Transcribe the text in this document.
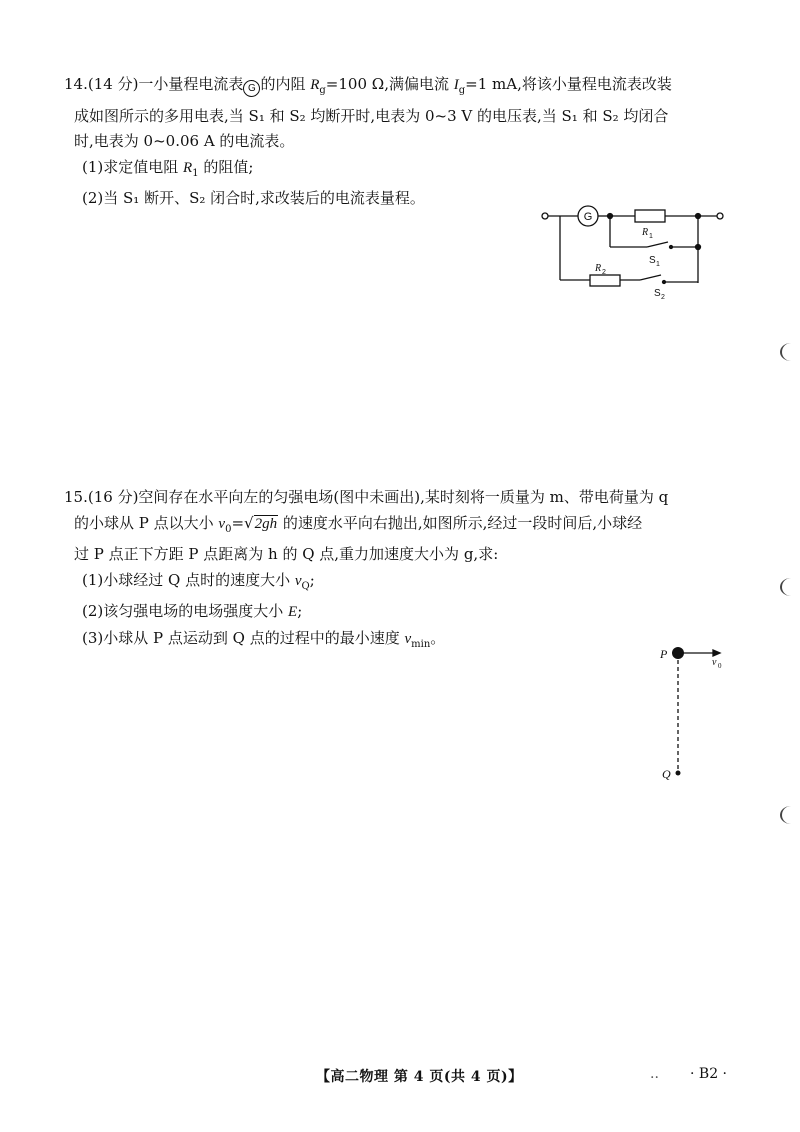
14.(14 分)一小量程电流表 G 的内阻 $R_g=100$ Ω,满偏电流 $I_g=1$ mA,将该小量程电流表改装

成如图所示的多用电表,当 S₁ 和 S₂ 均断开时,电表为 0~3 V 的电压表,当 S₁ 和 S₂ 均闭合

时,电表为 0~0.06 A 的电流表。

(1)求定值电阻 $R_1$ 的阻值;

(2)当 S₁ 断开、S₂ 闭合时,求改装后的电流表量程。

G
R 1
R 2
S 1
S 2

15.(16 分)空间存在水平向左的匀强电场(图中未画出),某时刻将一质量为 m、带电荷量为 q

的小球从 P 点以大小 $v_0=√2gh$ 的速度水平向右抛出,如图所示,经过一段时间后,小球经

过 P 点正下方距 P 点距离为 h 的 Q 点,重力加速度大小为 g,求:

(1)小球经过 Q 点时的速度大小 $v_Q$;

(2)该匀强电场的电场强度大小 E;

(3)小球从 P 点运动到 Q 点的过程中的最小速度 $v_{min}$。

P
Q
v 0
【高二物理 第 4 页(共 4 页)】	.. · B2 ·
